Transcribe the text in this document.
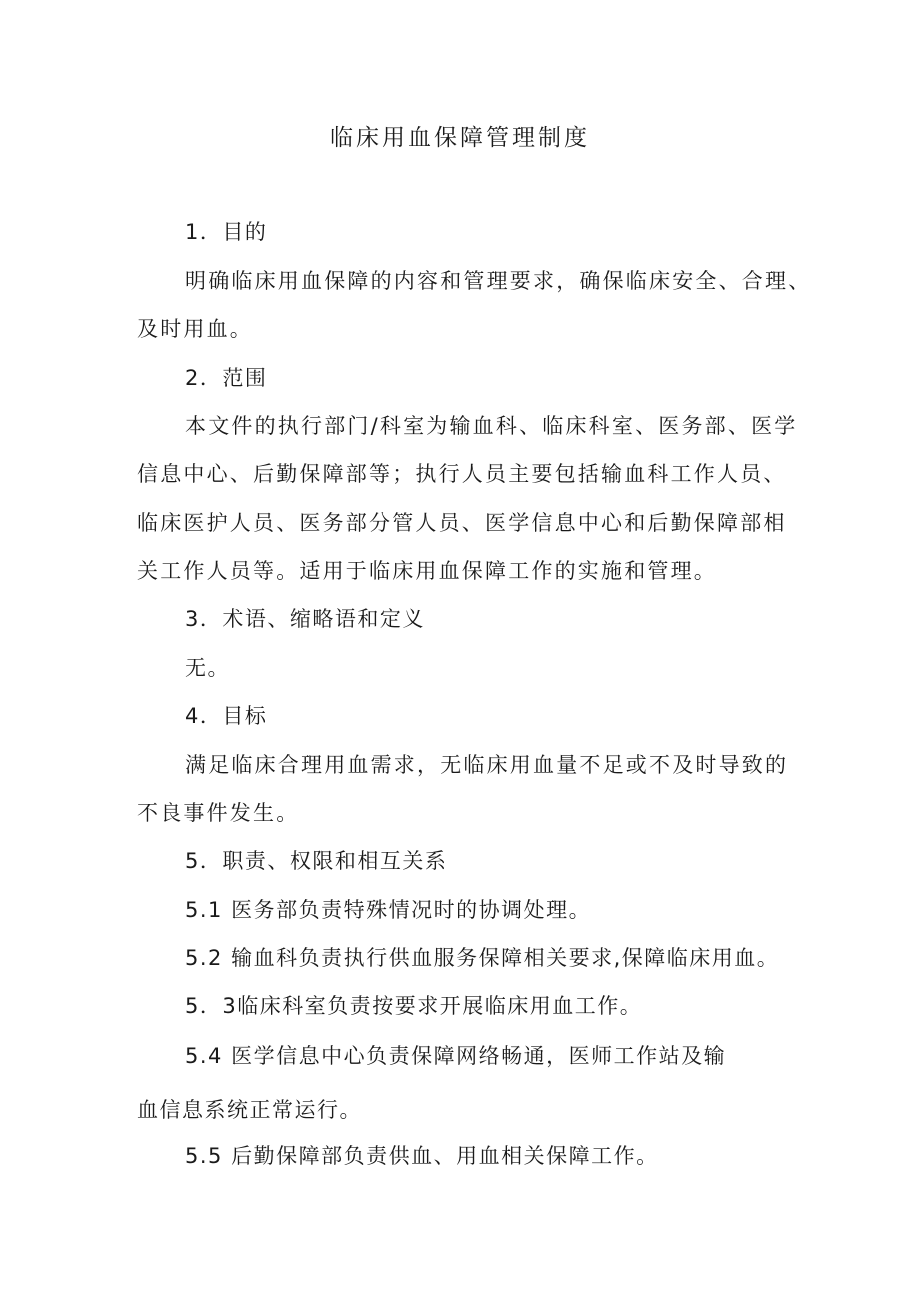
临床用血保障管理制度
1．目的
明确临床用血保障的内容和管理要求，确保临床安全、合理、
及时用血。
2．范围
本文件的执行部门/科室为输血科、临床科室、医务部、医学
信息中心、后勤保障部等；执行人员主要包括输血科工作人员、
临床医护人员、医务部分管人员、医学信息中心和后勤保障部相
关工作人员等。适用于临床用血保障工作的实施和管理。
3．术语、缩略语和定义
无。
4．目标
满足临床合理用血需求，无临床用血量不足或不及时导致的
不良事件发生。
5．职责、权限和相互关系
5.1 医务部负责特殊情况时的协调处理。
5.2 输血科负责执行供血服务保障相关要求,保障临床用血。
5．3临床科室负责按要求开展临床用血工作。
5.4 医学信息中心负责保障网络畅通，医师工作站及输
血信息系统正常运行。
5.5 后勤保障部负责供血、用血相关保障工作。
